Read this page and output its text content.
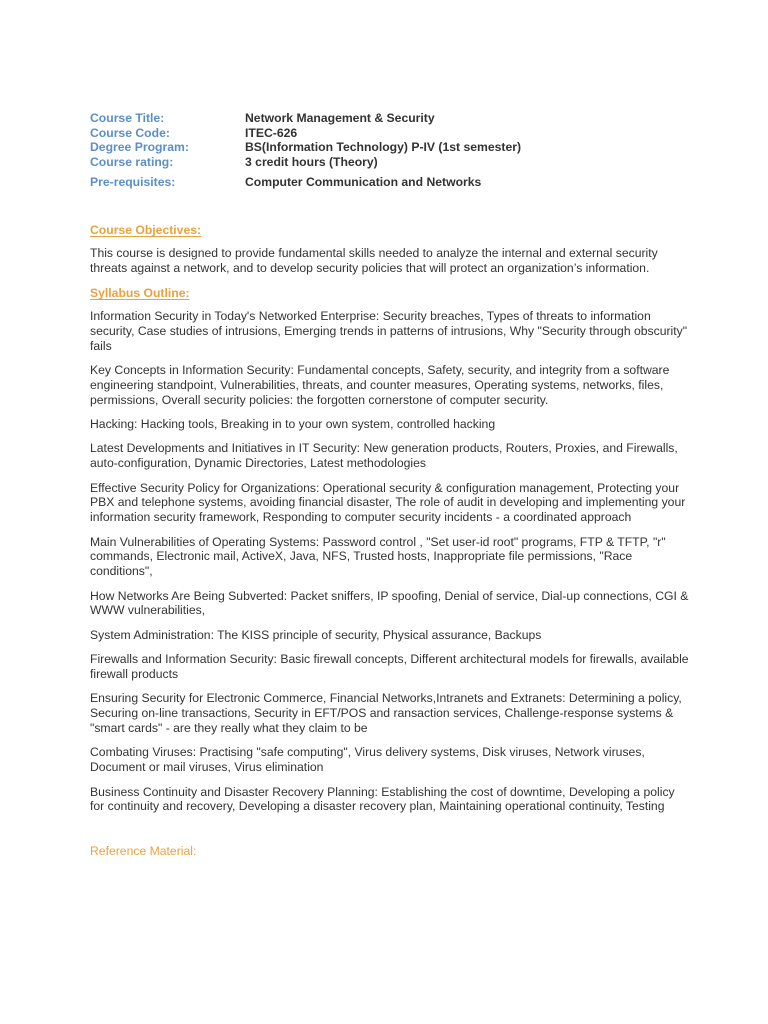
Course Title:	Network Management & Security
Course Code:	ITEC-626
Degree Program:	BS(Information Technology) P-IV (1st semester)
Course rating:	3 credit hours (Theory)
Pre-requisites:	Computer Communication and Networks
Course Objectives:

This course is designed to provide fundamental skills needed to analyze the internal and external security threats against a network, and to develop security policies that will protect an organization’s information.

Syllabus Outline:

Information Security in Today's Networked Enterprise: Security breaches, Types of threats to information security, Case studies of intrusions, Emerging trends in patterns of intrusions, Why "Security through obscurity" fails

Key Concepts in Information Security: Fundamental concepts, Safety, security, and integrity from a software engineering standpoint, Vulnerabilities, threats, and counter measures, Operating systems, networks, files, permissions, Overall security policies: the forgotten cornerstone of computer security.

Hacking: Hacking tools, Breaking in to your own system, controlled hacking

Latest Developments and Initiatives in IT Security: New generation products, Routers, Proxies, and Firewalls, auto-configuration, Dynamic Directories, Latest methodologies

Effective Security Policy for Organizations: Operational security & configuration management, Protecting your PBX and telephone systems, avoiding financial disaster, The role of audit in developing and implementing your information security framework, Responding to computer security incidents - a coordinated approach

Main Vulnerabilities of Operating Systems: Password control , "Set user-id root" programs, FTP & TFTP, "r" commands, Electronic mail, ActiveX, Java, NFS, Trusted hosts, Inappropriate file permissions, "Race conditions",

How Networks Are Being Subverted: Packet sniffers, IP spoofing, Denial of service, Dial-up connections, CGI & WWW vulnerabilities,

System Administration: The KISS principle of security, Physical assurance, Backups

Firewalls and Information Security: Basic firewall concepts, Different architectural models for firewalls, available firewall products

Ensuring Security for Electronic Commerce, Financial Networks,Intranets and Extranets: Determining a policy, Securing on-line transactions, Security in EFT/POS and ransaction services, Challenge-response systems & "smart cards" - are they really what they claim to be

Combating Viruses: Practising "safe computing", Virus delivery systems, Disk viruses, Network viruses, Document or mail viruses, Virus elimination

Business Continuity and Disaster Recovery Planning: Establishing the cost of downtime, Developing a policy for continuity and recovery, Developing a disaster recovery plan, Maintaining operational continuity, Testing

Reference Material:
